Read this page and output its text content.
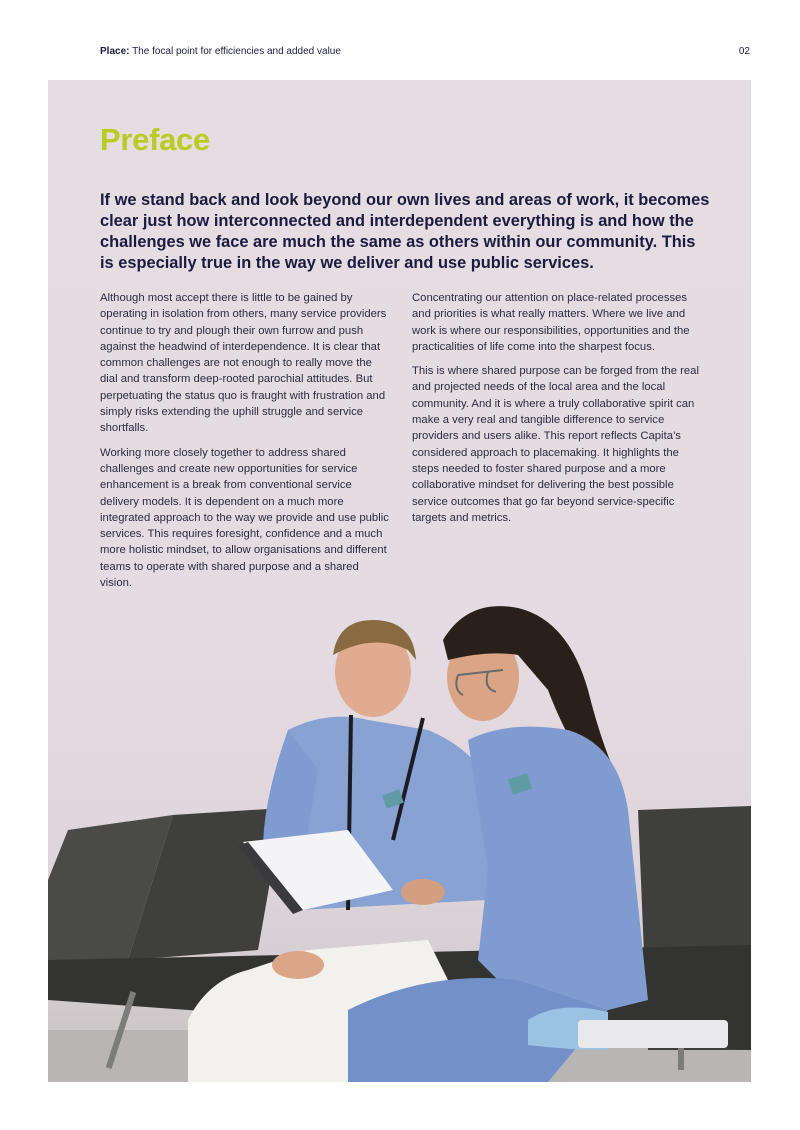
Place: The focal point for efficiencies and added value	02
Preface

If we stand back and look beyond our own lives and areas of work, it becomes clear just how interconnected and interdependent everything is and how the challenges we face are much the same as others within our community. This is especially true in the way we deliver and use public services.

Although most accept there is little to be gained by operating in isolation from others, many service providers continue to try and plough their own furrow and push against the headwind of interdependence. It is clear that common challenges are not enough to really move the dial and transform deep-rooted parochial attitudes. But perpetuating the status quo is fraught with frustration and simply risks extending the uphill struggle and service shortfalls.

Working more closely together to address shared challenges and create new opportunities for service enhancement is a break from conventional service delivery models. It is dependent on a much more integrated approach to the way we provide and use public services. This requires foresight, confidence and a much more holistic mindset, to allow organisations and different teams to operate with shared purpose and a shared vision.

Concentrating our attention on place-related processes and priorities is what really matters. Where we live and work is where our responsibilities, opportunities and the practicalities of life come into the sharpest focus.

This is where shared purpose can be forged from the real and projected needs of the local area and the local community. And it is where a truly collaborative spirit can make a very real and tangible difference to service providers and users alike. This report reflects Capita’s considered approach to placemaking. It highlights the steps needed to foster shared purpose and a more collaborative mindset for delivering the best possible service outcomes that go far beyond service-specific targets and metrics.
